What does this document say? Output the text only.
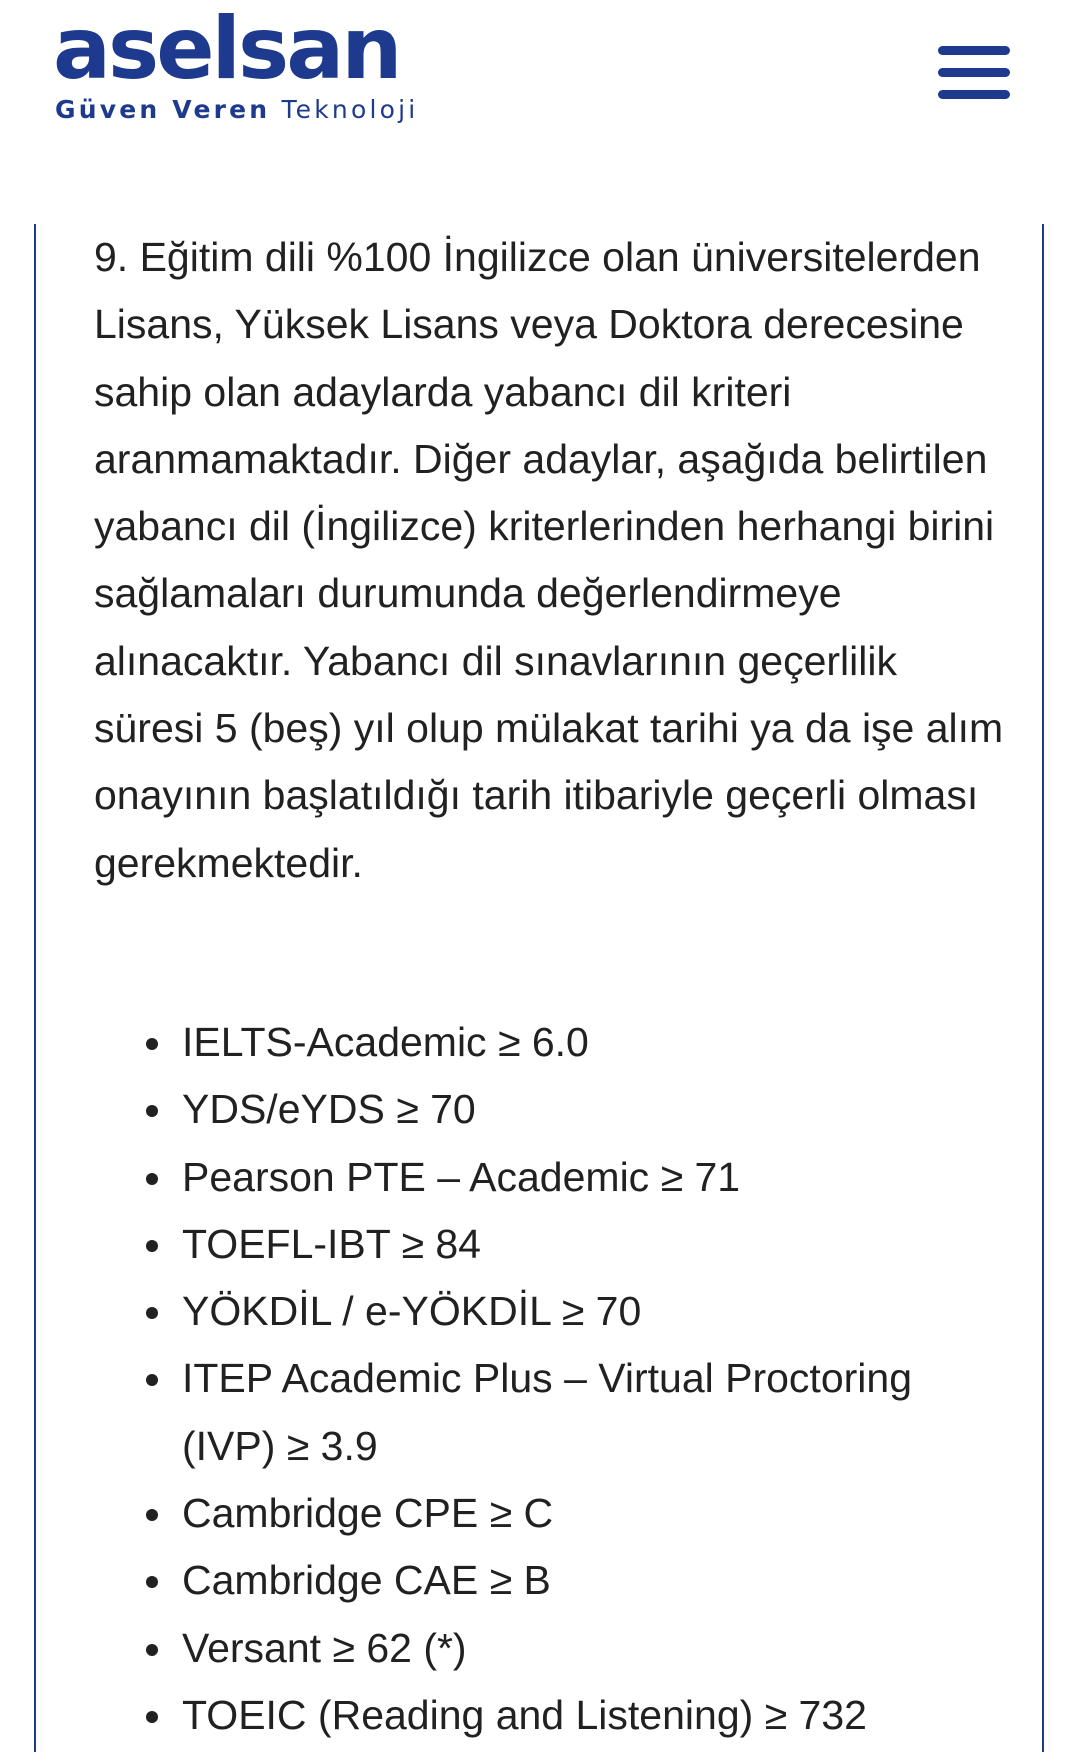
aselsan
Güven Veren Teknoloji

9. Eğitim dili %100 İngilizce olan üniversitelerden Lisans, Yüksek Lisans veya Doktora derecesine sahip olan adaylarda yabancı dil kriteri aranmamaktadır. Diğer adaylar, aşağıda belirtilen yabancı dil (İngilizce) kriterlerinden herhangi birini sağlamaları durumunda değerlendirmeye alınacaktır. Yabancı dil sınavlarının geçerlilik süresi 5 (beş) yıl olup mülakat tarihi ya da işe alım onayının başlatıldığı tarih itibariyle geçerli olması gerekmektedir.

IELTS-Academic ≥ 6.0
YDS/eYDS ≥ 70
Pearson PTE – Academic ≥ 71
TOEFL-IBT ≥ 84
YÖKDİL / e-YÖKDİL ≥ 70
ITEP Academic Plus – Virtual Proctoring (IVP) ≥ 3.9
Cambridge CPE ≥ C
Cambridge CAE ≥ B
Versant ≥ 62 (*)
TOEIC (Reading and Listening) ≥ 732
